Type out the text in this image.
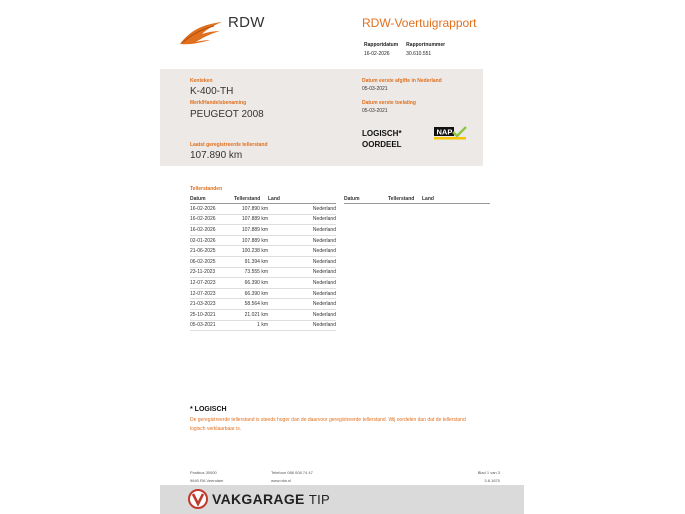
RDW	RDW-Voertuigrapport
Rapportdatum	Rapportnummer
16-02-2026	30.610.551
Kenteken
K-400-TH
Merk/Handelsbenaming
PEUGEOT 2008
Laatst geregistreerde tellerstand
107.890 km
Datum eerste afgifte in Nederland
05-03-2021
Datum eerste toelating
05-03-2021
LOGISCH*
OORDEEL
NAP
Tellerstanden
Datum	Tellerstand	Land
16-02-2026	107.890 km	Nederland
16-02-2026	107.889 km	Nederland
16-02-2026	107.889 km	Nederland
02-01-2026	107.889 km	Nederland
21-06-2025	100.238 km	Nederland
06-02-2025	91.394 km	Nederland
23-11-2023	73.555 km	Nederland
12-07-2023	66.390 km	Nederland
12-07-2023	66.390 km	Nederland
21-03-2023	58.564 km	Nederland
25-10-2021	21.021 km	Nederland
05-03-2021	1 km	Nederland
Datum	Tellerstand	Land
* LOGISCH
De geregistreerde tellerstand is steeds hoger dan de daarvoor geregistreerde tellerstand. Wij oordelen dan dat de tellerstand logisch verklaarbaar is.
Postbus 30000
9640 RA Veendam
Telefoon 088 008 74 47
www.rdw.nl
Blad 1 van 3
3.6.1670
VAKGARAGE TIP
